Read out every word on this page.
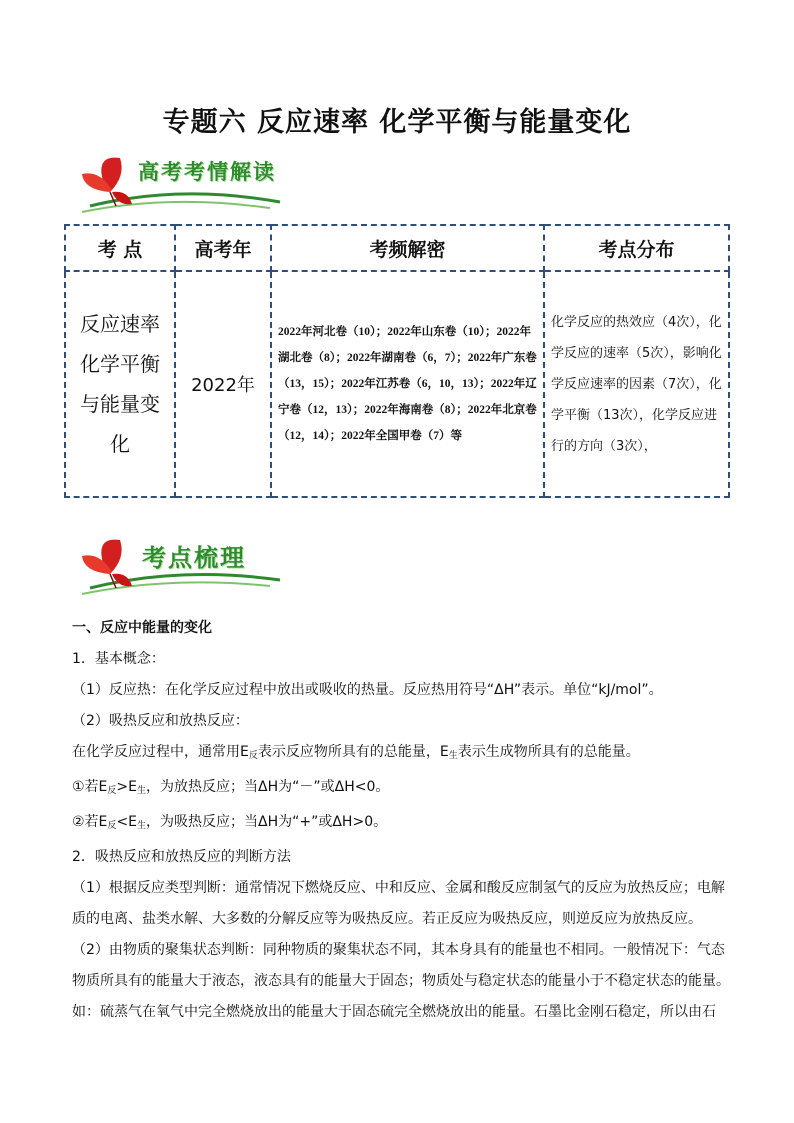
专题六 反应速率 化学平衡与能量变化
高考考情解读
考 点	高考年	考频解密	考点分布
反应速率化学平衡与能量变化	2022年	2022年河北卷（10）；2022年山东卷（10）；2022年湖北卷（8）；2022年湖南卷（6，7）；2022年广东卷（13，15）；2022年江苏卷（6，10，13）；2022年辽宁卷（12，13）；2022年海南卷（8）；2022年北京卷（12，14）；2022年全国甲卷（7）等	化学反应的热效应（4次），化学反应的速率（5次），影响化学反应速率的因素（7次），化学平衡（13次），化学反应进行的方向（3次），
考点梳理

一、反应中能量的变化

1．基本概念：

（1）反应热：在化学反应过程中放出或吸收的热量。反应热用符号“ΔH”表示。单位“kJ/mol”。

（2）吸热反应和放热反应：

在化学反应过程中，通常用$E_反$表示反应物所具有的总能量，$E_生$表示生成物所具有的总能量。

①若$E_反>E_生$，为放热反应；当ΔH为“－”或ΔH<0。

②若$E_反<E_生$，为吸热反应；当ΔH为“+”或ΔH>0。

2．吸热反应和放热反应的判断方法

（1）根据反应类型判断：通常情况下燃烧反应、中和反应、金属和酸反应制氢气的反应为放热反应；电解质的电离、盐类水解、大多数的分解反应等为吸热反应。若正反应为吸热反应，则逆反应为放热反应。

（2）由物质的聚集状态判断：同种物质的聚集状态不同，其本身具有的能量也不相同。一般情况下：气态物质所具有的能量大于液态，液态具有的能量大于固态；物质处与稳定状态的能量小于不稳定状态的能量。如：硫蒸气在氧气中完全燃烧放出的能量大于固态硫完全燃烧放出的能量。石墨比金刚石稳定，所以由石
